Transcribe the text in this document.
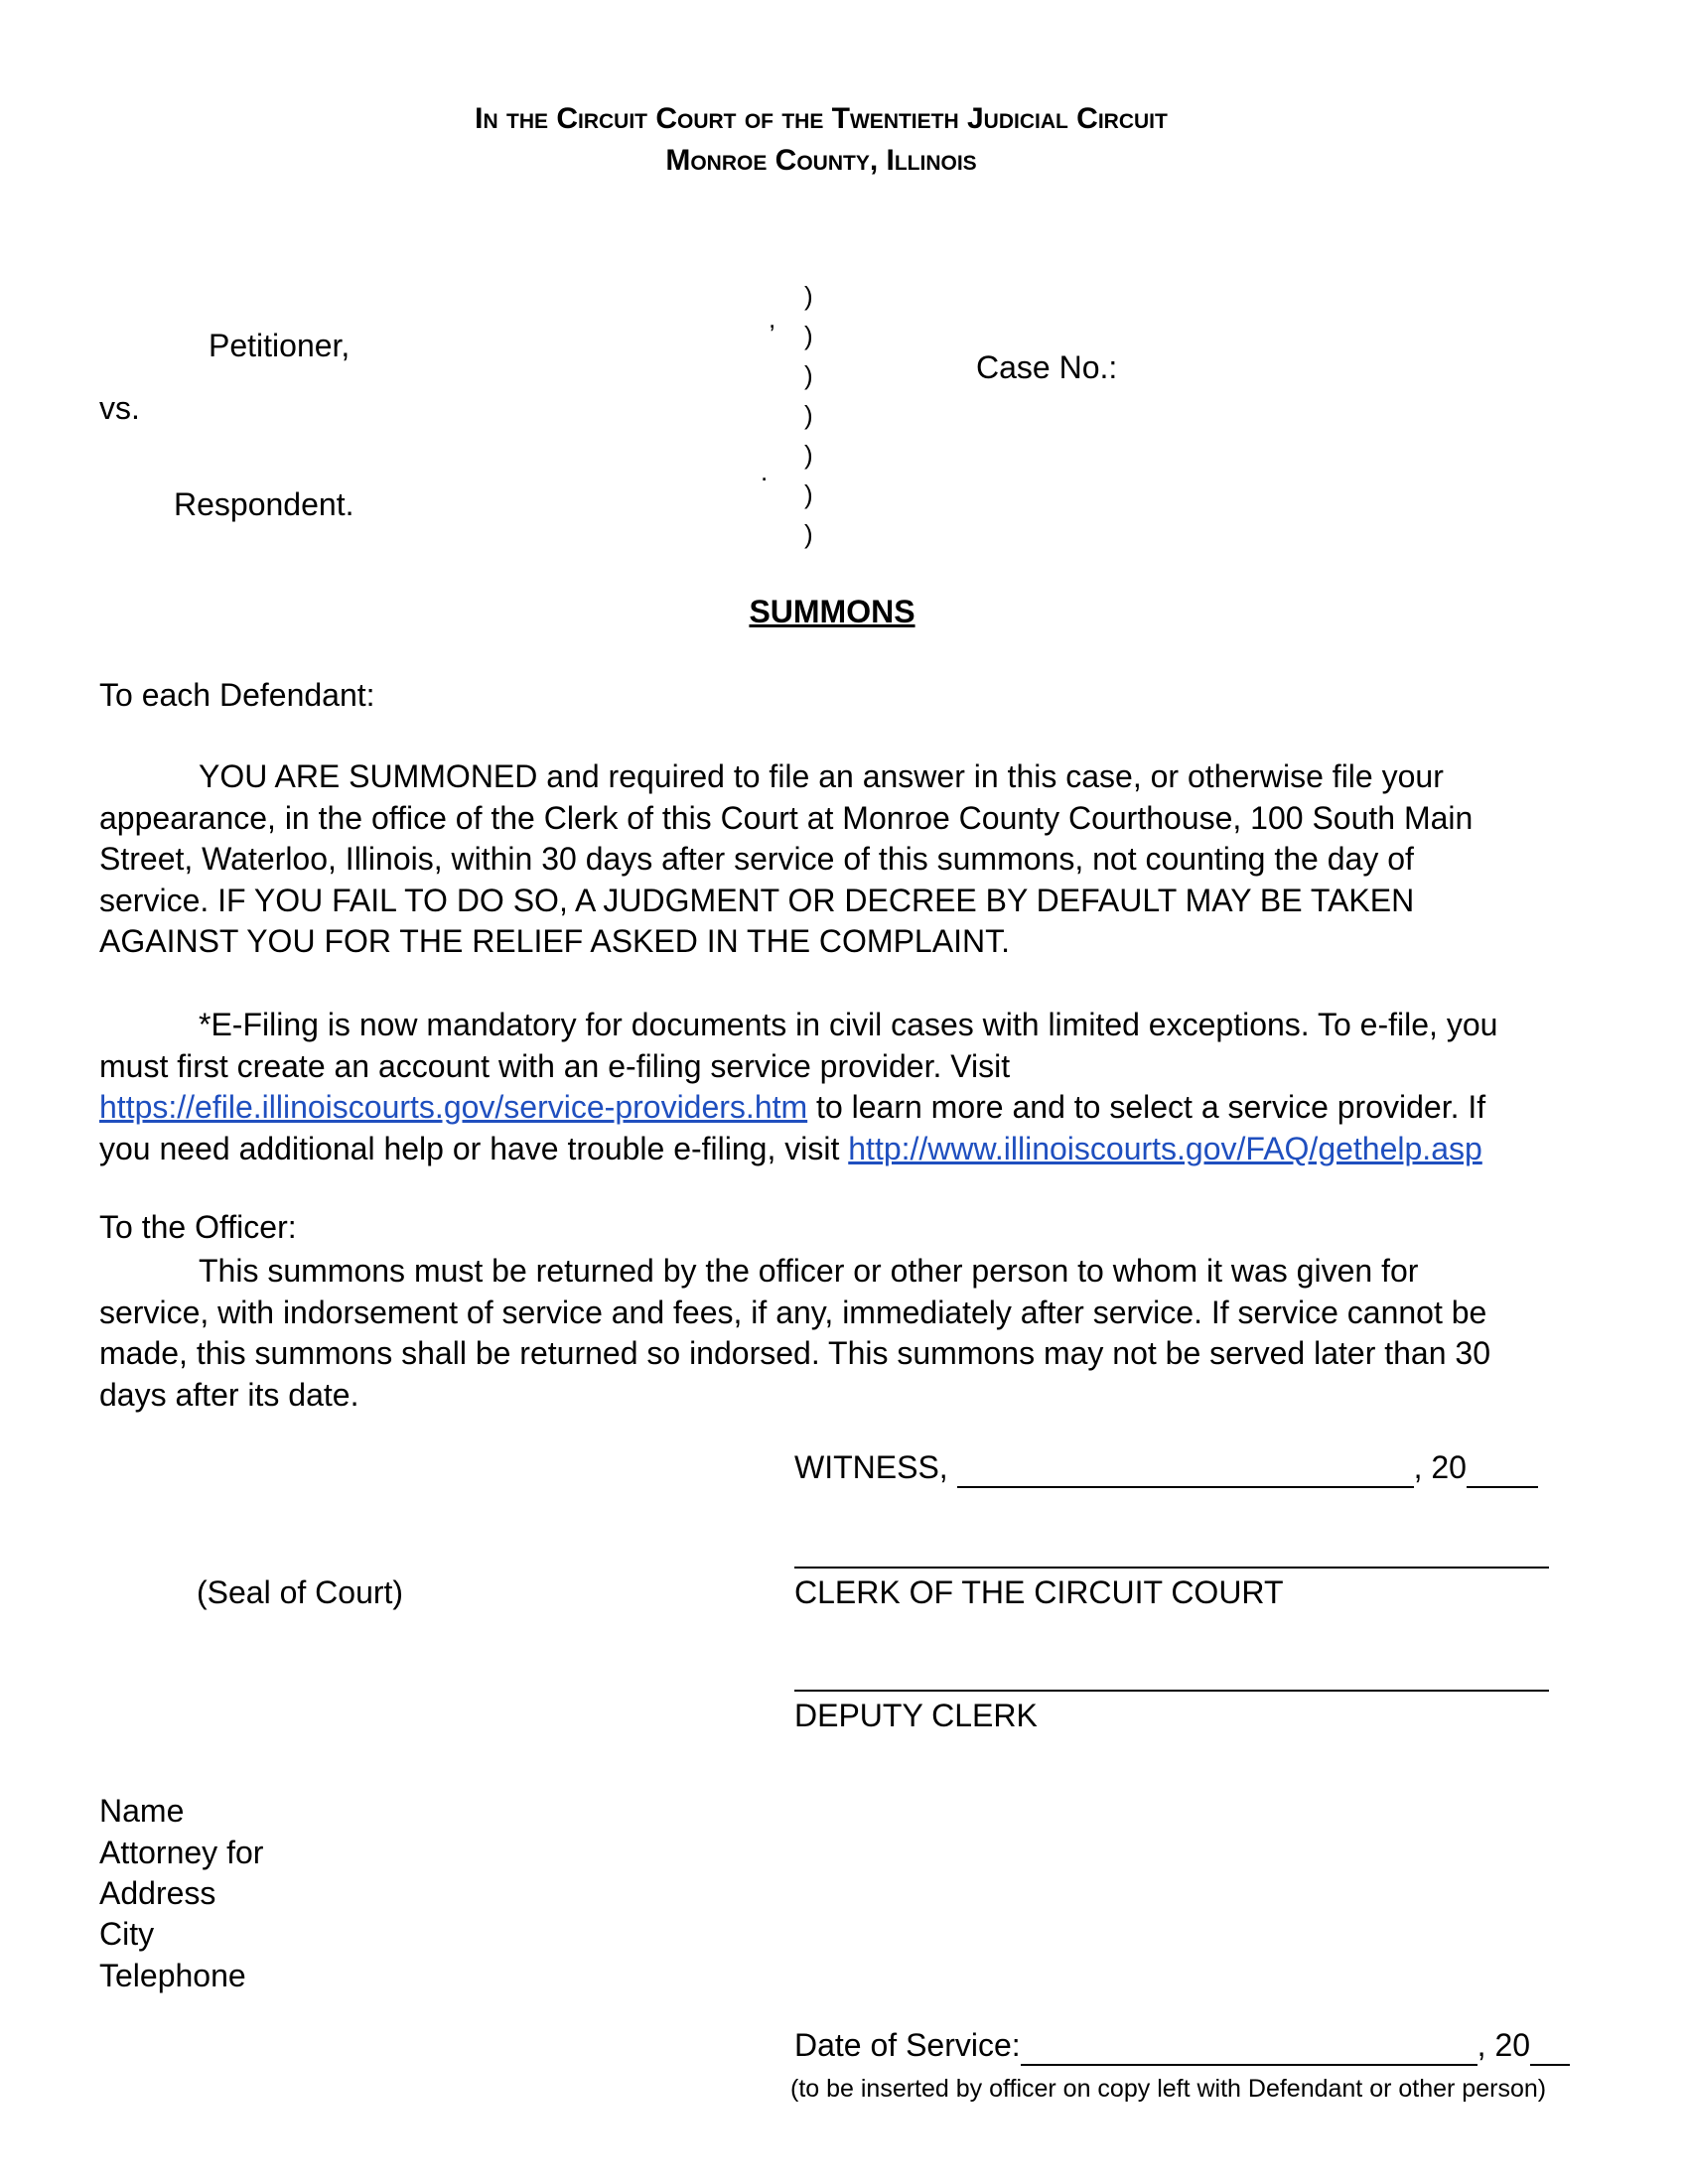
In the Circuit Court of the Twentieth Judicial Circuit
Monroe County, Illinois
Petitioner,
vs.
Respondent.
,
.
)
)
)
)
)
)
)
Case No.:
SUMMONS
To each Defendant:
YOU ARE SUMMONED and required to file an answer in this case, or otherwise file your
appearance, in the office of the Clerk of this Court at Monroe County Courthouse, 100 South Main
Street, Waterloo, Illinois, within 30 days after service of this summons, not counting the day of
service. IF YOU FAIL TO DO SO, A JUDGMENT OR DECREE BY DEFAULT MAY BE TAKEN
AGAINST YOU FOR THE RELIEF ASKED IN THE COMPLAINT.
*E-Filing is now mandatory for documents in civil cases with limited exceptions. To e-file, you
must first create an account with an e-filing service provider. Visit
https://efile.illinoiscourts.gov/service-providers.htm to learn more and to select a service provider. If
you need additional help or have trouble e-filing, visit http://www.illinoiscourts.gov/FAQ/gethelp.asp
To the Officer:
This summons must be returned by the officer or other person to whom it was given for
service, with indorsement of service and fees, if any, immediately after service. If service cannot be
made, this summons shall be returned so indorsed. This summons may not be served later than 30
days after its date.
WITNESS,	, 20
(Seal of Court)	CLERK OF THE CIRCUIT COURT
DEPUTY CLERK
Name
Attorney for
Address
City
Telephone
Date of Service:	, 20
(to be inserted by officer on copy left with Defendant or other person)
